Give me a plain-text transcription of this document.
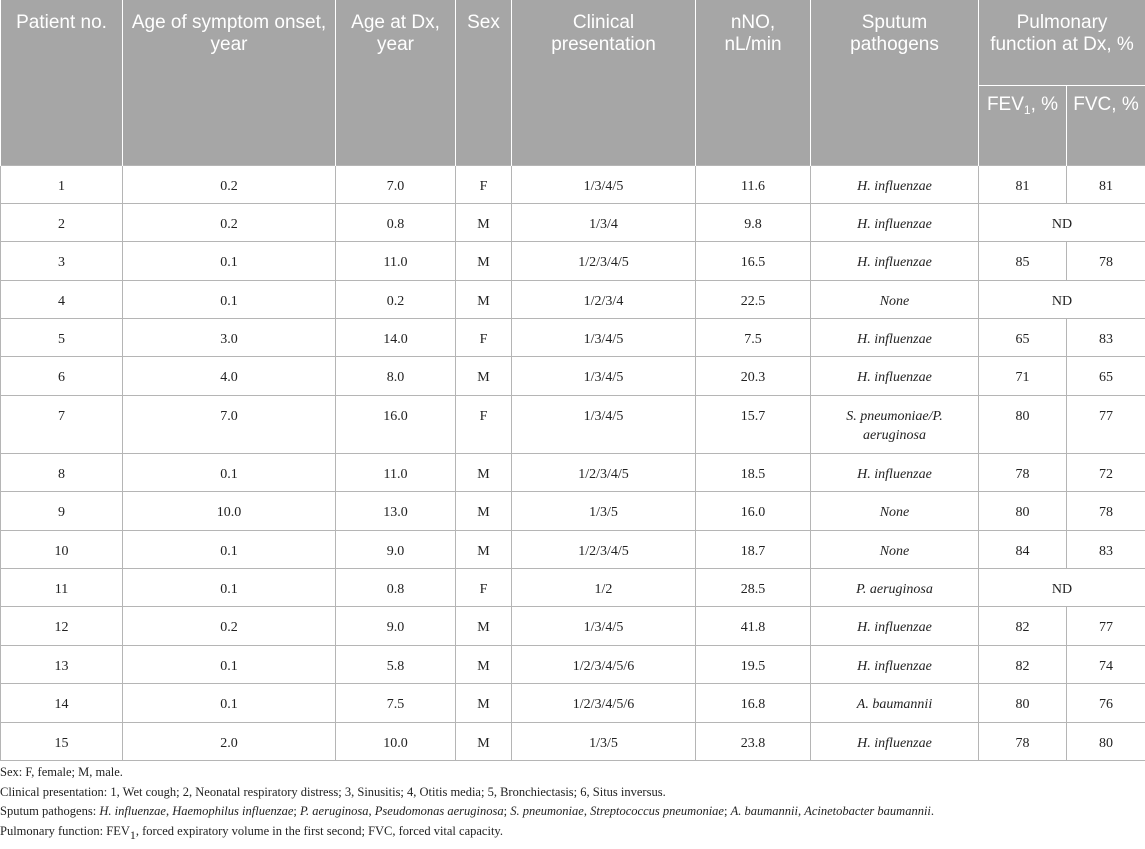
Patient no.	Age of symptom onset, year	Age at Dx, year	Sex	Clinical presentation	nNO, nL/min	Sputum pathogens	Pulmonary function at Dx, %	
							$FEV_1$, %	FVC, %
1	0.2	7.0	F	1/3/4/5	11.6	H. influenzae	81	81
2	0.2	0.8	M	1/3/4	9.8	H. influenzae	ND	
3	0.1	11.0	M	1/2/3/4/5	16.5	H. influenzae	85	78
4	0.1	0.2	M	1/2/3/4	22.5	None	ND	
5	3.0	14.0	F	1/3/4/5	7.5	H. influenzae	65	83
6	4.0	8.0	M	1/3/4/5	20.3	H. influenzae	71	65
7	7.0	16.0	F	1/3/4/5	15.7	S. pneumoniae/P. aeruginosa	80	77
8	0.1	11.0	M	1/2/3/4/5	18.5	H. influenzae	78	72
9	10.0	13.0	M	1/3/5	16.0	None	80	78
10	0.1	9.0	M	1/2/3/4/5	18.7	None	84	83
11	0.1	0.8	F	1/2	28.5	P. aeruginosa	ND	
12	0.2	9.0	M	1/3/4/5	41.8	H. influenzae	82	77
13	0.1	5.8	M	1/2/3/4/5/6	19.5	H. influenzae	82	74
14	0.1	7.5	M	1/2/3/4/5/6	16.8	A. baumannii	80	76
15	2.0	10.0	M	1/3/5	23.8	H. influenzae	78	80
Sex: F, female; M, male.
Clinical presentation: 1, Wet cough; 2, Neonatal respiratory distress; 3, Sinusitis; 4, Otitis media; 5, Bronchiectasis; 6, Situs inversus.
Sputum pathogens: H. influenzae, Haemophilus influenzae; P. aeruginosa, Pseudomonas aeruginosa; S. pneumoniae, Streptococcus pneumoniae; A. baumannii, Acinetobacter baumannii.
Pulmonary function: $FEV_1$, forced expiratory volume in the first second; FVC, forced vital capacity.
